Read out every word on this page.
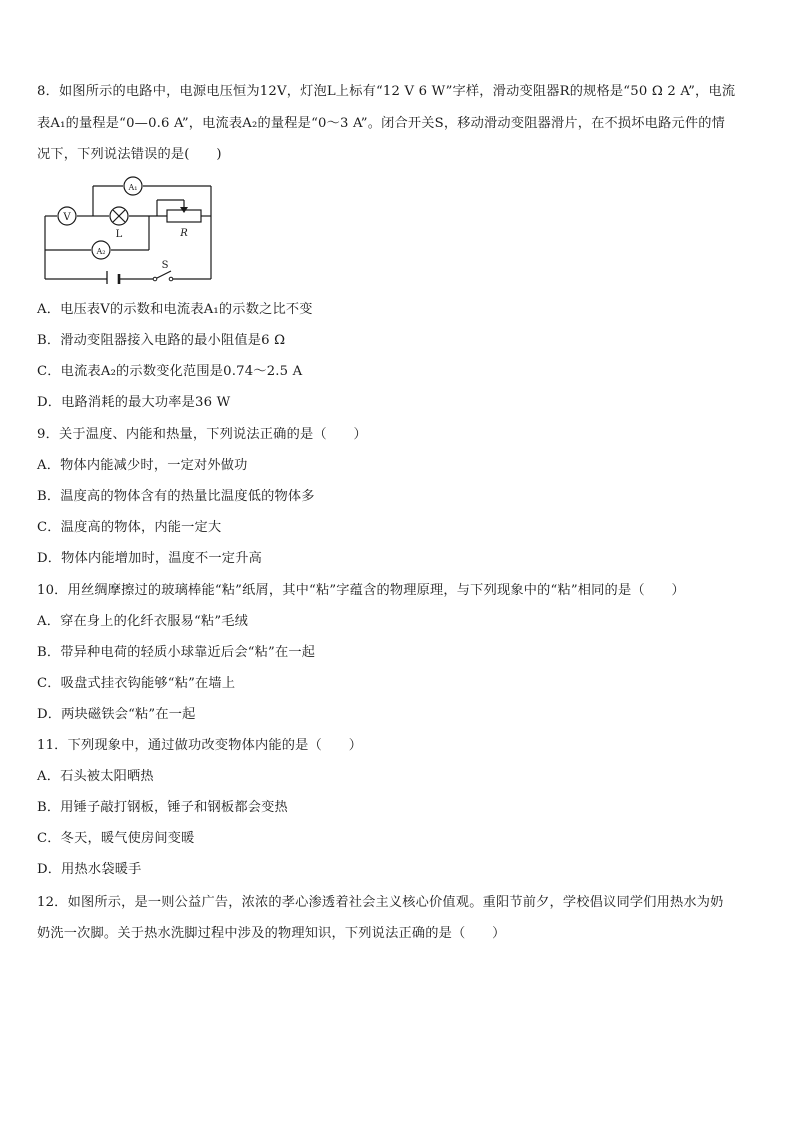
8．如图所示的电路中，电源电压恒为12V，灯泡L上标有“12 V 6 W”字样，滑动变阻器R的规格是“50 Ω 2 A”，电流
表A₁的量程是“0—0.6 A”，电流表A₂的量程是“0～3 A”。闭合开关S，移动滑动变阻器滑片，在不损坏电路元件的情
况下，下列说法错误的是(　　)
V
A₁
A₂
L	R
S
A．电压表V的示数和电流表A₁的示数之比不变
B．滑动变阻器接入电路的最小阻值是6 Ω
C．电流表A₂的示数变化范围是0.74～2.5 A
D．电路消耗的最大功率是36 W
9．关于温度、内能和热量，下列说法正确的是（　　）
A．物体内能减少时，一定对外做功
B．温度高的物体含有的热量比温度低的物体多
C．温度高的物体，内能一定大
D．物体内能增加时，温度不一定升高
10．用丝绸摩擦过的玻璃棒能“粘”纸屑，其中“粘”字蕴含的物理原理，与下列现象中的“粘”相同的是（　　）
A．穿在身上的化纤衣服易“粘”毛绒
B．带异种电荷的轻质小球靠近后会“粘”在一起
C．吸盘式挂衣钩能够“粘”在墙上
D．两块磁铁会“粘”在一起
11．下列现象中，通过做功改变物体内能的是（　　）
A．石头被太阳晒热
B．用锤子敲打钢板，锤子和钢板都会变热
C．冬天，暖气使房间变暖
D．用热水袋暖手
12．如图所示，是一则公益广告，浓浓的孝心渗透着社会主义核心价值观。重阳节前夕，学校倡议同学们用热水为奶
奶洗一次脚。关于热水洗脚过程中涉及的物理知识，下列说法正确的是（　　）
